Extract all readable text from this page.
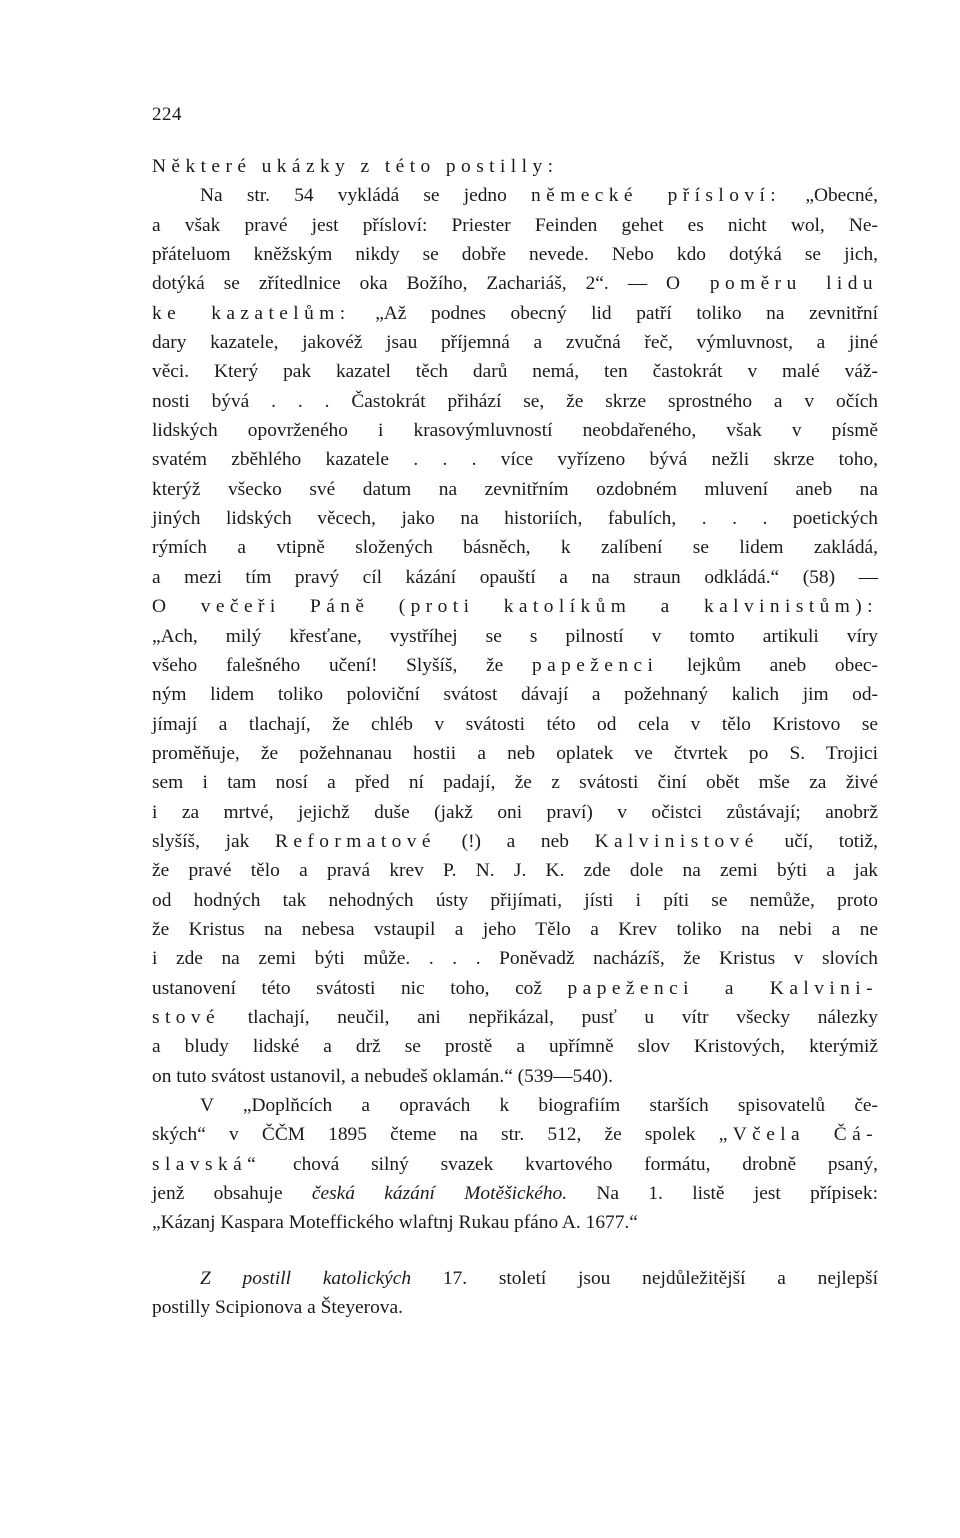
224
Některé ukázky z této postilly:
Na str. 54 vykládá se jedno německé přísloví: „Obecné,
a však pravé jest přísloví: Priester Feinden gehet es nicht wol, Ne-
přáteluom kněžským nikdy se dobře nevede. Nebo kdo dotýká se jich,
dotýká se zřítedlnice oka Božího, Zachariáš, 2“. — O poměru lidu
ke kazatelům: „Až podnes obecný lid patří toliko na zevnitřní
dary kazatele, jakovéž jsau příjemná a zvučná řeč, výmluvnost, a jiné
věci. Který pak kazatel těch darů nemá, ten častokrát v malé váž-
nosti bývá . . . Častokrát přihází se, že skrze sprostného a v očích
lidských opovrženého i krasovýmluvností neobdařeného, však v písmě
svatém zběhlého kazatele . . . více vyřízeno bývá nežli skrze toho,
kterýž všecko své datum na zevnitřním ozdobném mluvení aneb na
jiných lidských věcech, jako na historiích, fabulích, . . . poetických
rýmích a vtipně složených básněch, k zalíbení se lidem zakládá,
a mezi tím pravý cíl kázání opauští a na straun odkládá.“ (58) —
O večeři Páně (proti katolíkům a kalvinistům):
„Ach, milý křesťane, vystříhej se s pilností v tomto artikuli víry
všeho falešného učení! Slyšíš, že papeženci lejkům aneb obec-
ným lidem toliko poloviční svátost dávají a požehnaný kalich jim od-
jímají a tlachají, že chléb v svátosti této od cela v tělo Kristovo se
proměňuje, že požehnanau hostii a neb oplatek ve čtvrtek po S. Trojici
sem i tam nosí a před ní padají, že z svátosti činí obět mše za živé
i za mrtvé, jejichž duše (jakž oni praví) v očistci zůstávají; anobrž
slyšíš, jak Reformatové (!) a neb Kalvinistové učí, totiž,
že pravé tělo a pravá krev P. N. J. K. zde dole na zemi býti a jak
od hodných tak nehodných ústy přijímati, jísti i píti se nemůže, proto
že Kristus na nebesa vstaupil a jeho Tělo a Krev toliko na nebi a ne
i zde na zemi býti může. . . . Poněvadž nacházíš, že Kristus v slovích
ustanovení této svátosti nic toho, což papeženci a Kalvini-
stové tlachají, neučil, ani nepřikázal, pusť u vítr všecky nálezky
a bludy lidské a drž se prostě a upřímně slov Kristových, kterýmiž
on tuto svátost ustanovil, a nebudeš oklamán.“ (539—540).
V „Doplňcích a opravách k biografiím starších spisovatelů če-
ských“ v ČČM 1895 čteme na str. 512, že spolek „Včela Čá-
slavská“ chová silný svazek kvartového formátu, drobně psaný,
jenž obsahuje česká kázání Motěšického. Na 1. listě jest přípisek:
„Kázanj Kaspara Motеffického wlaftnj Rukau pfáno A. 1677.“
Z postill katolických 17. století jsou nejdůležitější a nejlepší
postilly Scipionova a Šteyerova.
